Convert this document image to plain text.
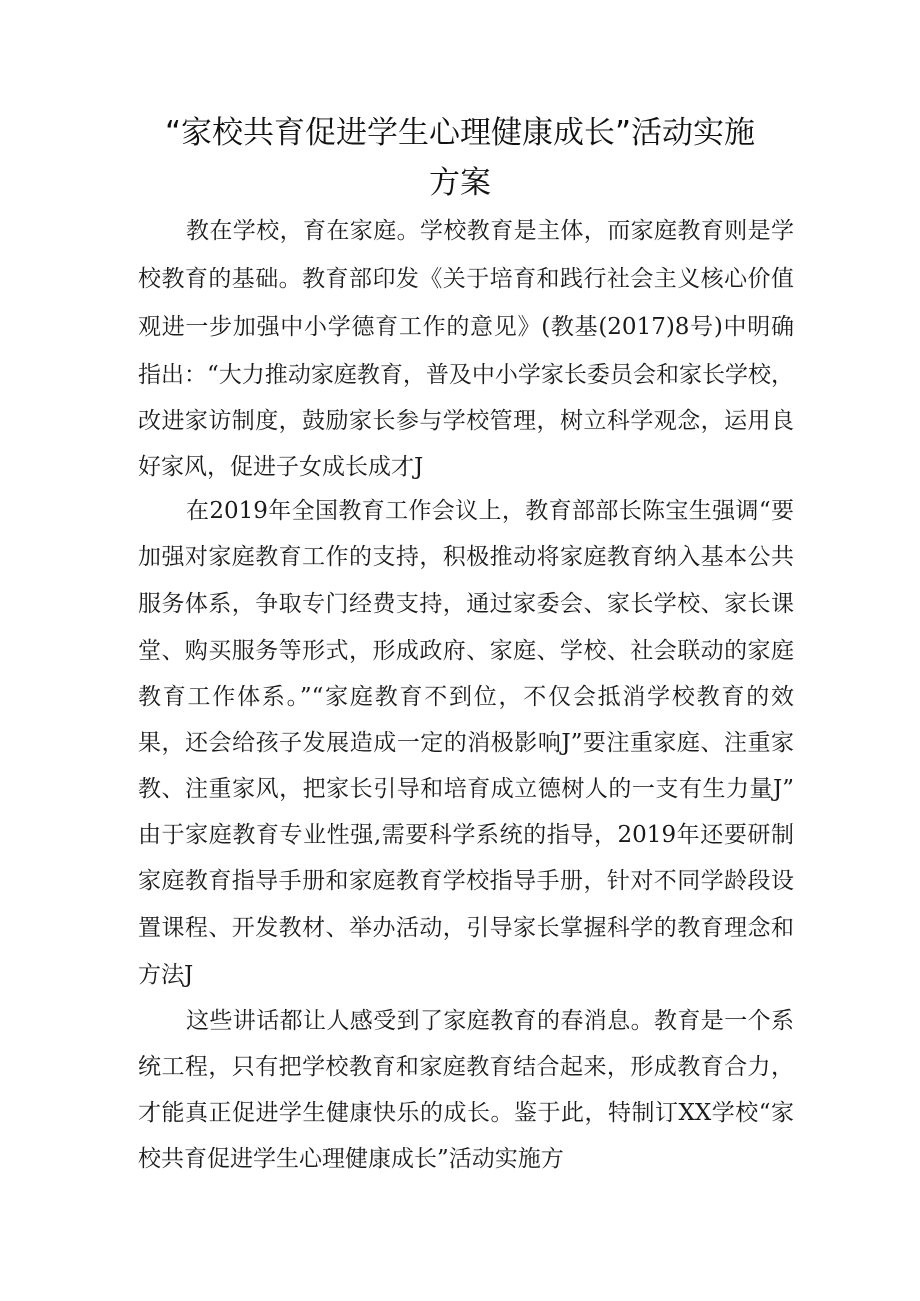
“家校共育促进学生心理健康成长”活动实施
方案
教在学校，育在家庭。学校教育是主体，而家庭教育则是学
校教育的基础。教育部印发《关于培育和践行社会主义核心价值
观进一步加强中小学德育工作的意见》(教基(2017)8号)中明确
指出：“大力推动家庭教育，普及中小学家长委员会和家长学校，
改进家访制度，鼓励家长参与学校管理，树立科学观念，运用良
好家风，促进子女成长成才J
在2019年全国教育工作会议上，教育部部长陈宝生强调“要
加强对家庭教育工作的支持，积极推动将家庭教育纳入基本公共
服务体系，争取专门经费支持，通过家委会、家长学校、家长课
堂、购买服务等形式，形成政府、家庭、学校、社会联动的家庭
教育工作体系。”“家庭教育不到位，不仅会抵消学校教育的效
果，还会给孩子发展造成一定的消极影响J”要注重家庭、注重家
教、注重家风，把家长引导和培育成立德树人的一支有生力量J”
由于家庭教育专业性强,需要科学系统的指导，2019年还要研制
家庭教育指导手册和家庭教育学校指导手册，针对不同学龄段设
置课程、开发教材、举办活动，引导家长掌握科学的教育理念和
方法J
这些讲话都让人感受到了家庭教育的春消息。教育是一个系
统工程，只有把学校教育和家庭教育结合起来，形成教育合力，
才能真正促进学生健康快乐的成长。鉴于此，特制订XX学校“家
校共育促进学生心理健康成长”活动实施方
